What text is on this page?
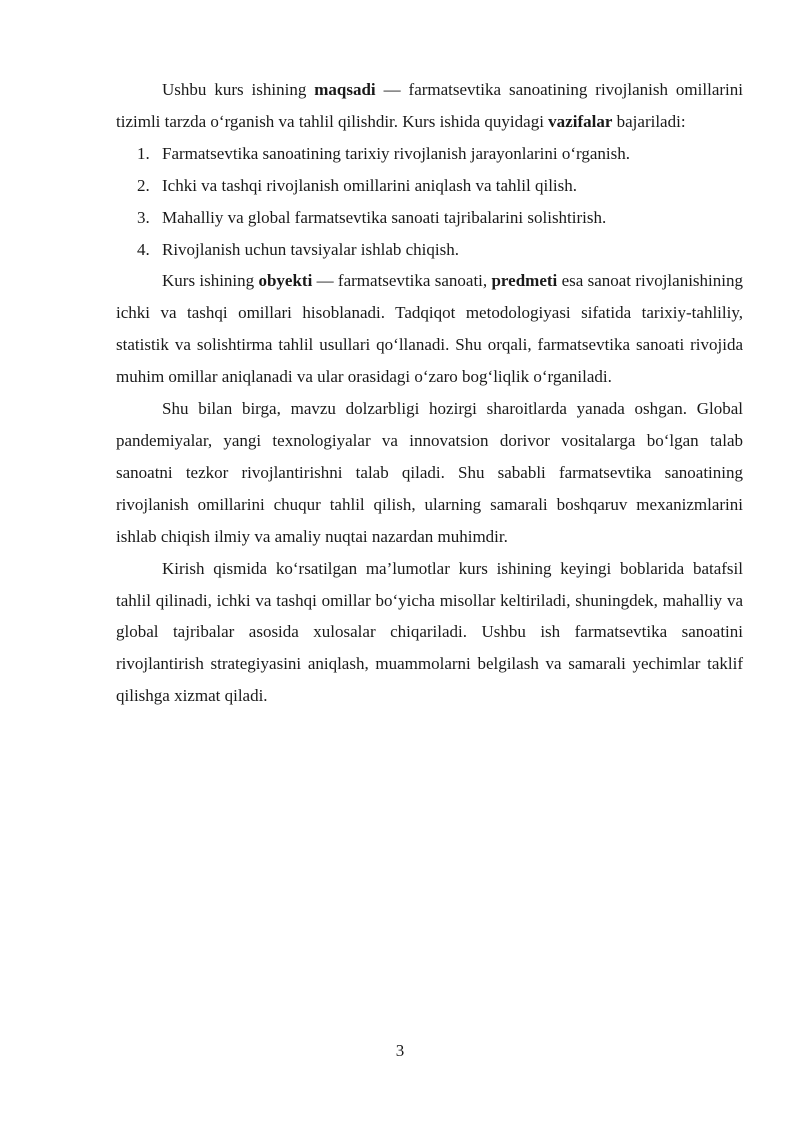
Ushbu kurs ishining maqsadi — farmatsevtika sanoatining rivojlanish omillarini tizimli tarzda o‘rganish va tahlil qilishdir. Kurs ishida quyidagi vazifalar bajariladi:

1. Farmatsevtika sanoatining tarixiy rivojlanish jarayonlarini o‘rganish.
2. Ichki va tashqi rivojlanish omillarini aniqlash va tahlil qilish.
3. Mahalliy va global farmatsevtika sanoati tajribalarini solishtirish.
4. Rivojlanish uchun tavsiyalar ishlab chiqish.

Kurs ishining obyekti — farmatsevtika sanoati, predmeti esa sanoat rivojlanishining ichki va tashqi omillari hisoblanadi. Tadqiqot metodologiyasi sifatida tarixiy-tahliliy, statistik va solishtirma tahlil usullari qo‘llanadi. Shu orqali, farmatsevtika sanoati rivojida muhim omillar aniqlanadi va ular orasidagi o‘zaro bog‘liqlik o‘rganiladi.

Shu bilan birga, mavzu dolzarbligi hozirgi sharoitlarda yanada oshgan. Global pandemiyalar, yangi texnologiyalar va innovatsion dorivor vositalarga bo‘lgan talab sanoatni tezkor rivojlantirishni talab qiladi. Shu sababli farmatsevtika sanoatining rivojlanish omillarini chuqur tahlil qilish, ularning samarali boshqaruv mexanizmlarini ishlab chiqish ilmiy va amaliy nuqtai nazardan muhimdir.

Kirish qismida ko‘rsatilgan ma’lumotlar kurs ishining keyingi boblarida batafsil tahlil qilinadi, ichki va tashqi omillar bo‘yicha misollar keltiriladi, shuningdek, mahalliy va global tajribalar asosida xulosalar chiqariladi. Ushbu ish farmatsevtika sanoatini rivojlantirish strategiyasini aniqlash, muammolarni belgilash va samarali yechimlar taklif qilishga xizmat qiladi.

3
